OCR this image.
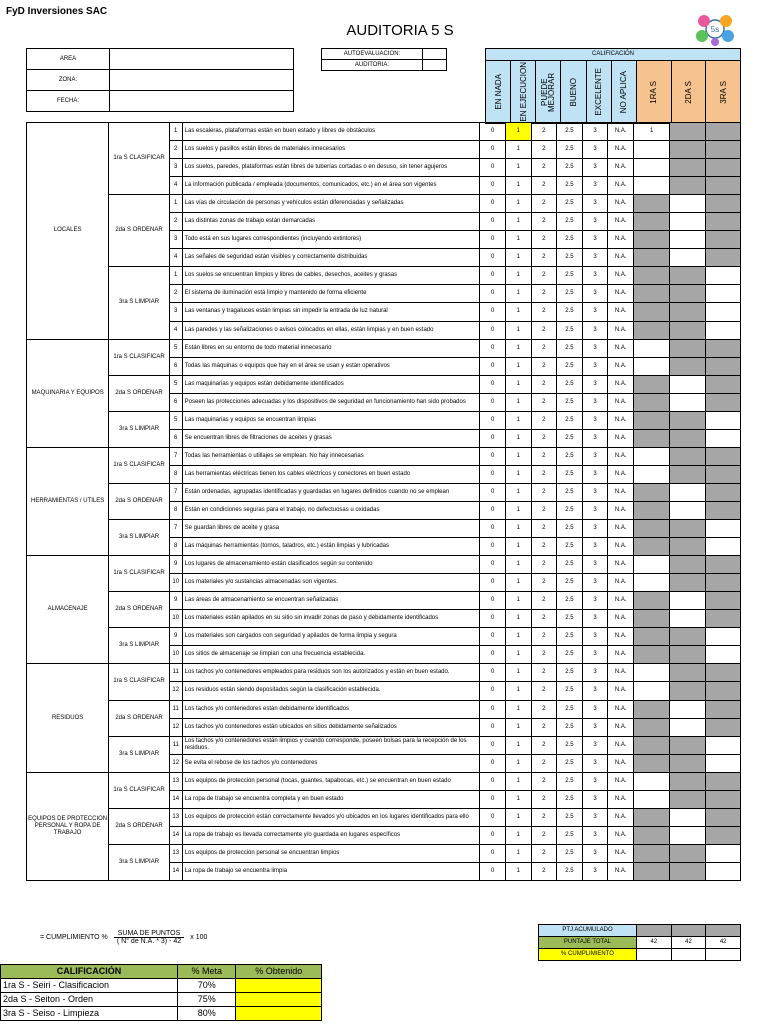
FyD Inversiones SAC
AUDITORIA 5 S	5s
AREA	
ZONA:	
FECHA:	
AUTOEVALUACION:	
AUDITORIA:	
CALIFICACIÓN

EN NADA	EN EJECUCION	PUEDE MEJORAR	BUENO	EXCELENTE	NO APLICA	1RA S	2DA S	3RA S
LOCALES	1ra S CLASIFICAR	1	Las escaleras, plataformas están en buen estado y libres de obstáculos	0	1	2	2.5	3	N.A.	1		
		2	Los suelos y pasillos están libres de materiales innecesarios	0	1	2	2.5	3	N.A.			
		3	Los suelos, paredes, plataformas están libres de tuberías cortadas o en desuso, sin tener agujeros	0	1	2	2.5	3	N.A.			
		4	La información publicada / empleada (documentos, comunicados, etc.) en el área son vigentes	0	1	2	2.5	3	N.A.			
	2da S ORDENAR	1	Las vías de circulación de personas y vehículos están diferenciadas y señalizadas	0	1	2	2.5	3	N.A.			
		2	Las distintas zonas de trabajo están demarcadas	0	1	2	2.5	3	N.A.			
		3	Todo está en sus lugares correspondientes (incluyendo extintores)	0	1	2	2.5	3	N.A.			
		4	Las señales de seguridad están visibles y correctamente distribuidas	0	1	2	2.5	3	N.A.			
	3ra S LIMPIAR	1	Los suelos se encuentran limpios y libres de cables, desechos, aceites y grasas	0	1	2	2.5	3	N.A.			
		2	El sistema de iluminación está limpio y mantenido de forma eficiente	0	1	2	2.5	3	N.A.			
		3	Las ventanas y tragaluces están limpias sin impedir la entrada de luz natural	0	1	2	2.5	3	N.A.			
		4	Las paredes y las señalizaciones o avisos colocados en ellas, están limpias y en buen estado	0	1	2	2.5	3	N.A.			
MAQUINARIA Y EQUIPOS	1ra S CLASIFICAR	5	Están libres en su entorno de todo material innecesario	0	1	2	2.5	3	N.A.			
		6	Todas las máquinas o equipos que hay en el área se usan y están operativos	0	1	2	2.5	3	N.A.			
	2da S ORDENAR	5	Las maquinarias y equipos están debidamente identificados	0	1	2	2.5	3	N.A.			
		6	Poseen las protecciones adecuadas y los dispositivos de seguridad en funcionamiento han sido probados	0	1	2	2.5	3	N.A.			
	3ra S LIMPIAR	5	Las maquinarias y equipos se encuentran limpias	0	1	2	2.5	3	N.A.			
		6	Se encuentran libres de filtraciones de aceites y grasas	0	1	2	2.5	3	N.A.			
HERRAMIENTAS / UTILES	1ra S CLASIFICAR	7	Todas las herramientas o utillajes se emplean. No hay innecesarias	0	1	2	2.5	3	N.A.			
		8	Las herramientas eléctricas tienen los cables eléctricos y conectores en buen estado	0	1	2	2.5	3	N.A.			
	2da S ORDENAR	7	Están ordenadas, agrupadas identificadas y guardadas en lugares definidos cuando no se emplean	0	1	2	2.5	3	N.A.			
		8	Están en condiciones seguras para el trabajo, no defectuosas u oxidadas	0	1	2	2.5	3	N.A.			
	3ra S LIMPIAR	7	Se guardan libres de aceite y grasa	0	1	2	2.5	3	N.A.			
		8	Las máquinas herramientas (tornos, taladros, etc.) están limpias y lubricadas	0	1	2	2.5	3	N.A.			
ALMACENAJE	1ra S CLASIFICAR	9	Los lugares de almacenamiento están clasificados según su contenido	0	1	2	2.5	3	N.A.			
		10	Los materiales y/o sustancias almacenadas son vigentes.	0	1	2	2.5	3	N.A.			
	2da S ORDENAR	9	Las áreas de almacenamiento se encuentran señalizadas	0	1	2	2.5	3	N.A.			
		10	Los materiales están apilados en su sitio sin invadir zonas de paso y debidamente identificados	0	1	2	2.5	3	N.A.			
	3ra S LIMPIAR	9	Los materiales son cargados con seguridad y apilados de forma limpia y segura	0	1	2	2.5	3	N.A.			
		10	Los sitios de almacenaje se limpian con una frecuencia establecida.	0	1	2	2.5	3	N.A.			
RESIDUOS	1ra S CLASIFICAR	11	Los tachos y/o contenedores empleados para residuos son los autorizados y están en buen estado.	0	1	2	2.5	3	N.A.			
		12	Los residuos están siendo depositados según la clasificación establecida.	0	1	2	2.5	3	N.A.			
	2da S ORDENAR	11	Los tachos y/o contenedores están debidamente identificados	0	1	2	2.5	3	N.A.			
		12	Los tachos y/o contenedores están ubicados en sitios debidamente señalizados	0	1	2	2.5	3	N.A.			
	3ra S LIMPIAR	11	Los tachos y/o contenedores están limpios y cuando corresponde, poseen bolsas para la recepción de los residuos.	0	1	2	2.5	3	N.A.			
		12	Se evita el rebose de los tachos y/o contenedores	0	1	2	2.5	3	N.A.			
EQUIPOS DE PROTECCION PERSONAL Y ROPA DE TRABAJO	1ra S CLASIFICAR	13	Los equipos de protección personal (tocas, guantes, tapabocas, etc.) se encuentran en buen estado	0	1	2	2.5	3	N.A.			
		14	La ropa de trabajo se encuentra completa y en buen estado	0	1	2	2.5	3	N.A.			
	2da S ORDENAR	13	Los equipos de protección están correctamente llevados y/o ubicados en los lugares identificados para ello	0	1	2	2.5	3	N.A.			
		14	La ropa de trabajo es llevada correctamente y/o guardada en lugares específicos	0	1	2	2.5	3	N.A.			
	3ra S LIMPIAR	13	Los equipos de protección personal se encuentran limpios	0	1	2	2.5	3	N.A.			
		14	La ropa de trabajo se encuentra limpia	0	1	2	2.5	3	N.A.			
PTJ ACUMULADO			
PUNTAJE TOTAL	42	42	42
% CUMPLIMIENTO			
= CUMPLIMIENTO %
SUMA DE PUNTOS
( N° de N.A. * 3) - 42
x 100
CALIFICACIÓN	% Meta	% Obtenido
1ra S - Seiri - Clasificacion	70%	
2da S - Seiton - Orden	75%	
3ra S - Seiso - Limpieza	80%	
